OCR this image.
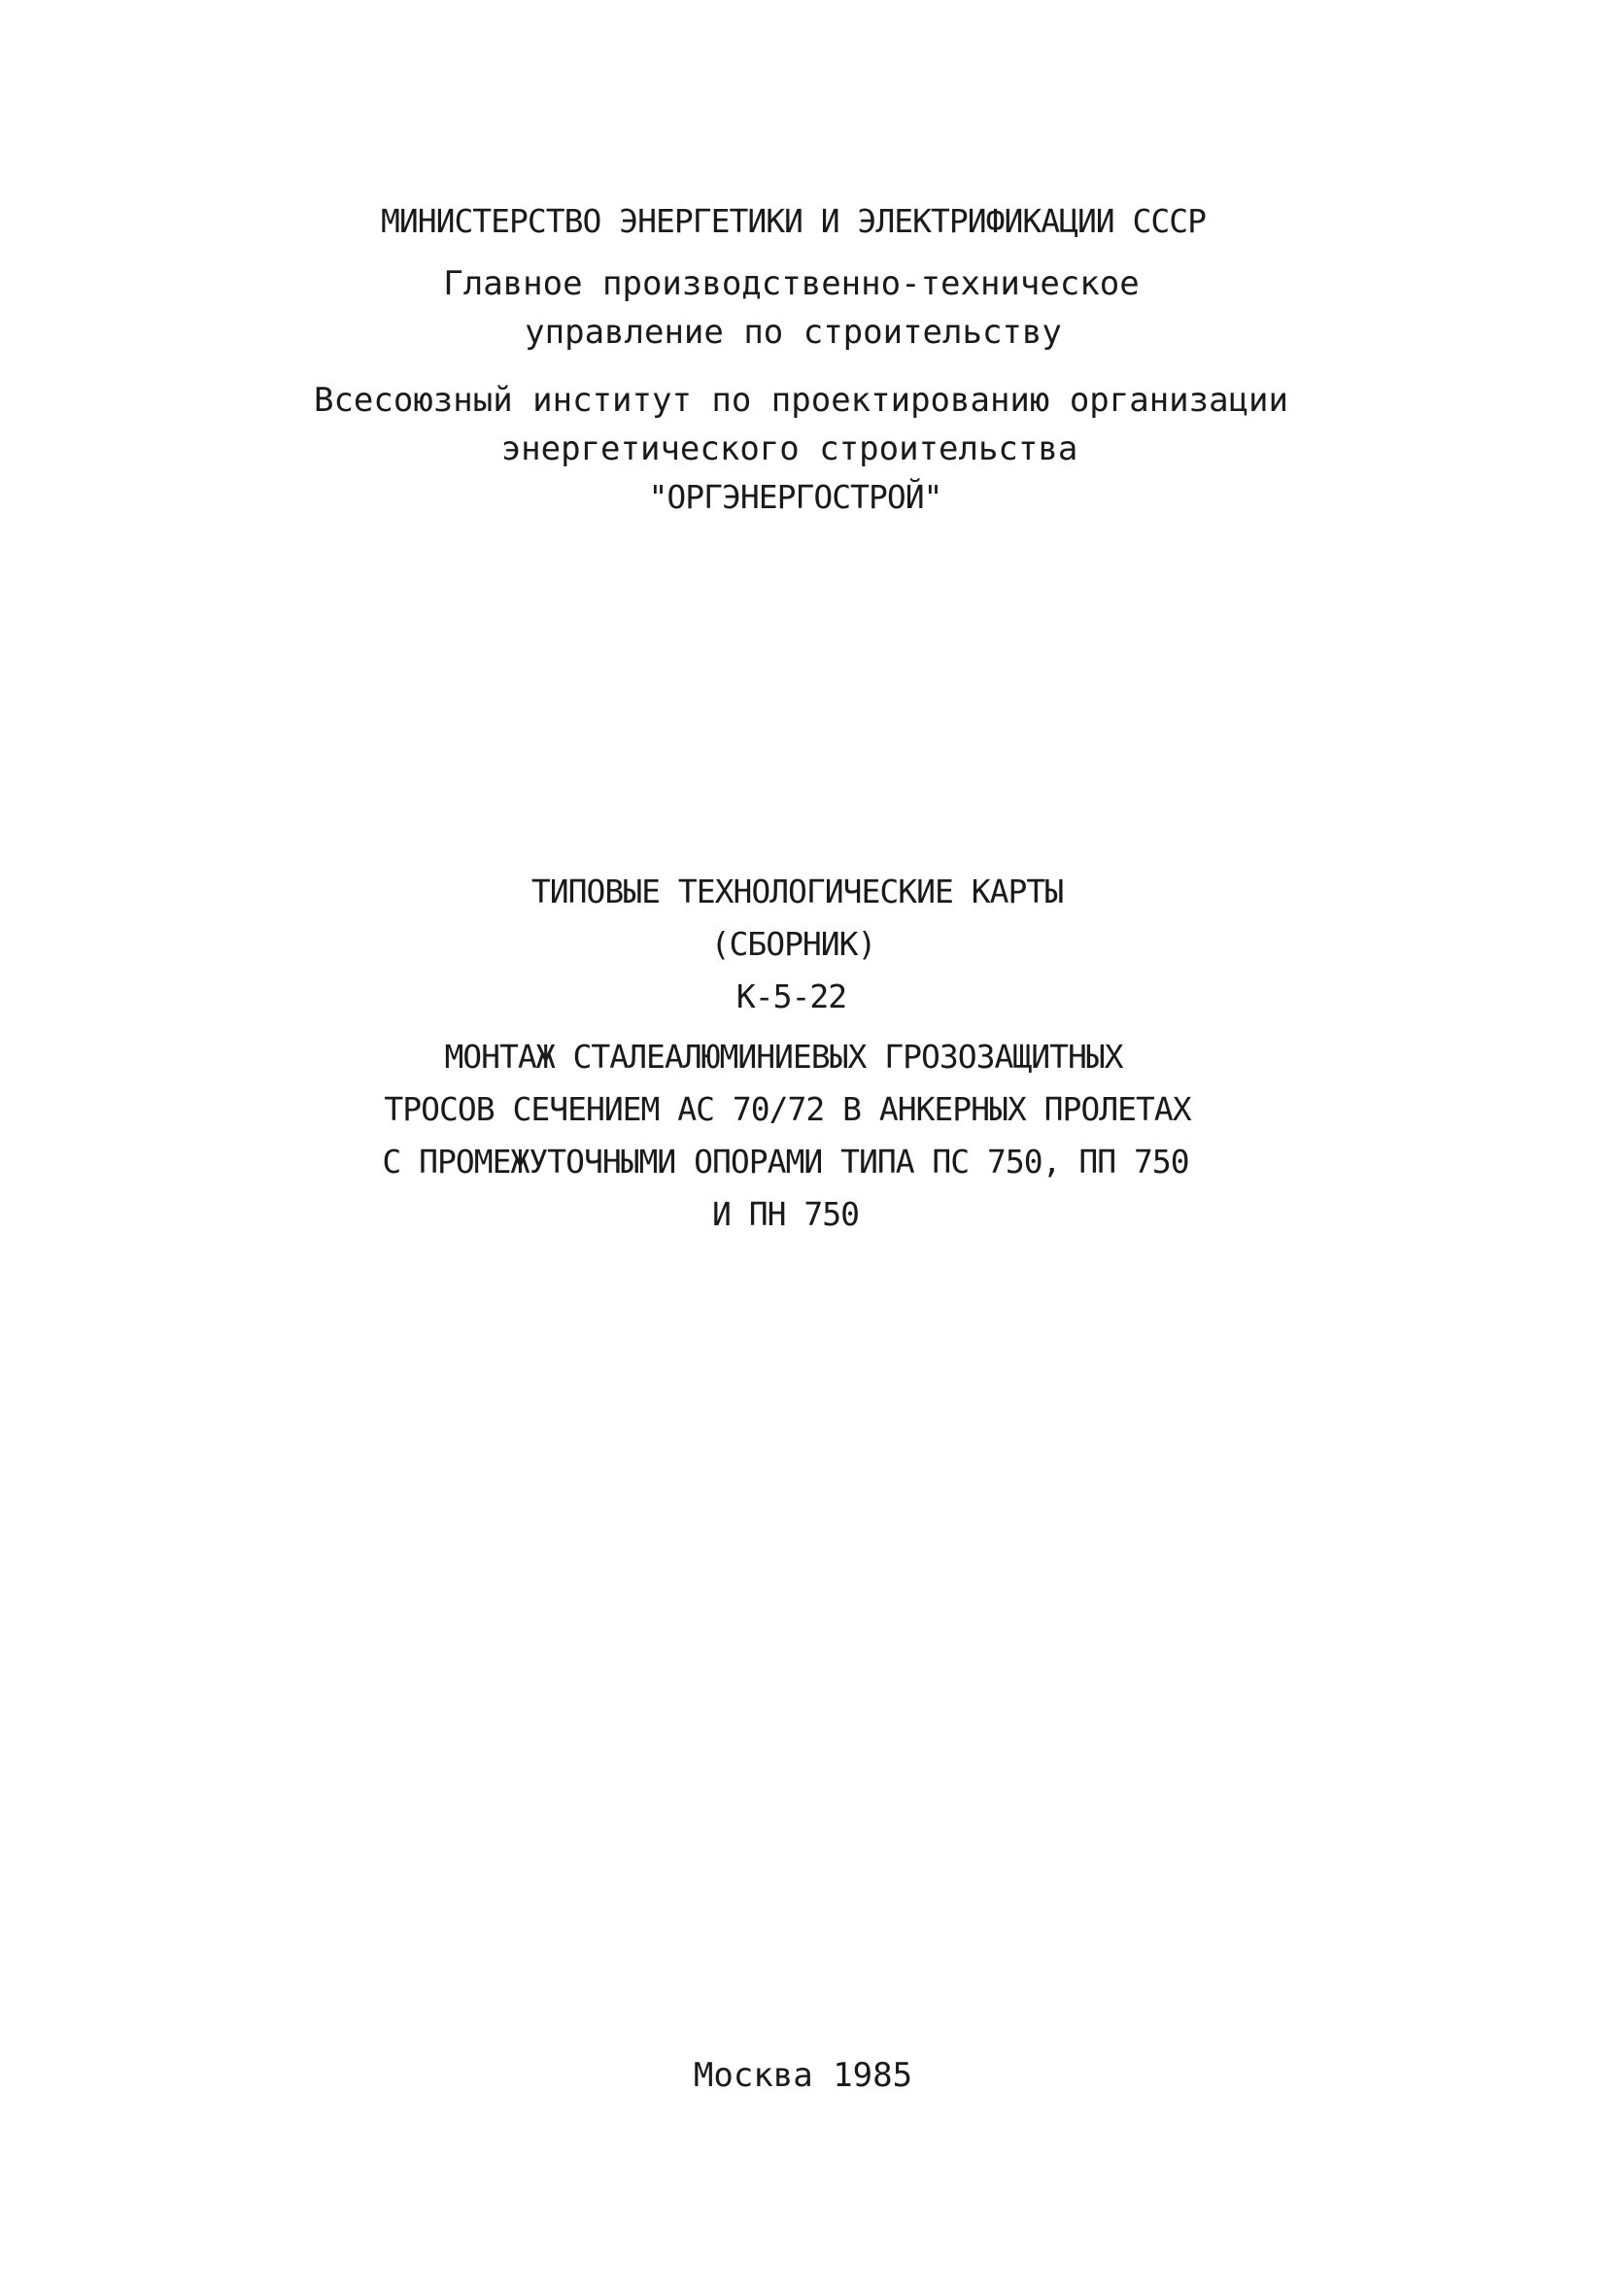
МИНИСТЕРСТВО ЭНЕРГЕТИКИ И ЭЛЕКТРИФИКАЦИИ СССР
Главное производственно-техническое
управление по строительству
Всесоюзный институт по проектированию организации
энергетического строительства
"ОРГЭНЕРГОСТРОЙ"
ТИПОВЫЕ ТЕХНОЛОГИЧЕСКИЕ КАРТЫ
(СБОРНИК)
К-5-22
МОНТАЖ СТАЛЕАЛЮМИНИЕВЫХ ГРОЗОЗАЩИТНЫХ
ТРОСОВ СЕЧЕНИЕМ АС 70/72 В АНКЕРНЫХ ПРОЛЕТАХ
С ПРОМЕЖУТОЧНЫМИ ОПОРАМИ ТИПА ПС 750, ПП 750
И ПН 750
Москва 1985
